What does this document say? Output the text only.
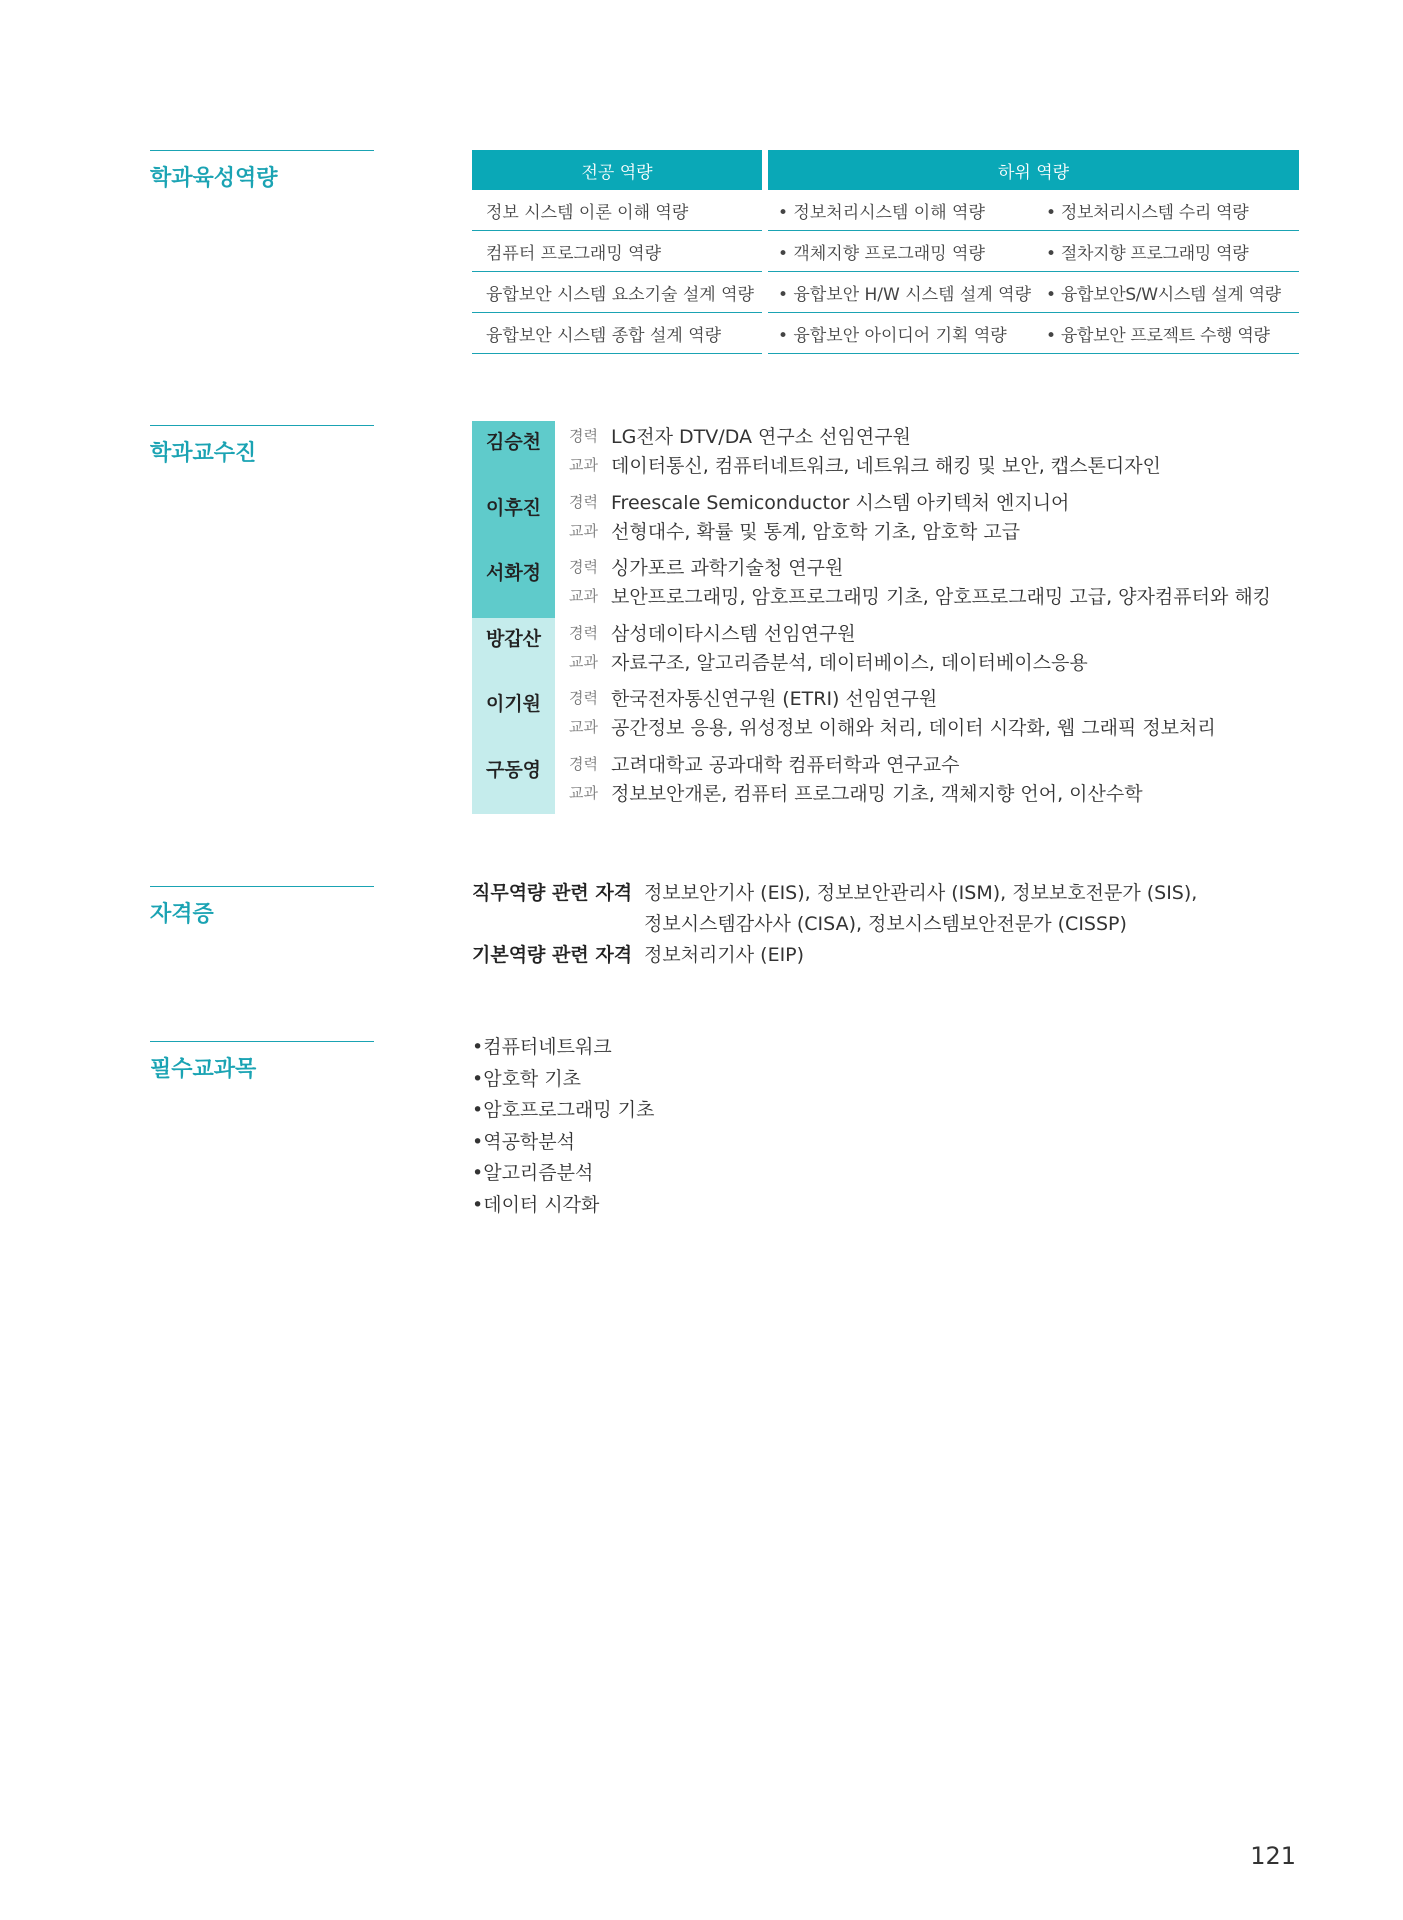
학과육성역량
학과교수진
자격증
필수교과목
전공 역량	하위 역량
정보 시스템 이론 이해 역량	• 정보처리시스템 이해 역량	• 정보처리시스템 수리 역량
컴퓨터 프로그래밍 역량	• 객체지향 프로그래밍 역량	• 절차지향 프로그래밍 역량
융합보안 시스템 요소기술 설계 역량	• 융합보안 H/W 시스템 설계 역량 • 융합보안S/W시스템 설계 역량
융합보안 시스템 종합 설계 역량	• 융합보안 아이디어 기획 역량	• 융합보안 프로젝트 수행 역량
김승천	경력 LG전자 DTV/DA 연구소 선임연구원
교과 데이터통신, 컴퓨터네트워크, 네트워크 해킹 및 보안, 캡스톤디자인
이후진	경력 Freescale Semiconductor 시스템 아키텍처 엔지니어
교과 선형대수, 확률 및 통계, 암호학 기초, 암호학 고급
서화정	경력 싱가포르 과학기술청 연구원
교과 보안프로그래밍, 암호프로그래밍 기초, 암호프로그래밍 고급, 양자컴퓨터와 해킹
방갑산	경력 삼성데이타시스템 선임연구원
교과 자료구조, 알고리즘분석, 데이터베이스, 데이터베이스응용
이기원	경력 한국전자통신연구원 (ETRI) 선임연구원
교과 공간정보 응용, 위성정보 이해와 처리, 데이터 시각화, 웹 그래픽 정보처리
구동영	경력 고려대학교 공과대학 컴퓨터학과 연구교수
교과 정보보안개론, 컴퓨터 프로그래밍 기초, 객체지향 언어, 이산수학
직무역량 관련 자격 정보보안기사 (EIS), 정보보안관리사 (ISM), 정보보호전문가 (SIS), 정보시스템감사사 (CISA), 정보시스템보안전문가 (CISSP)
기본역량 관련 자격 정보처리기사 (EIP)
• 컴퓨터네트워크
• 암호학 기초
• 암호프로그래밍 기초
• 역공학분석
• 알고리즘분석
• 데이터 시각화
121
